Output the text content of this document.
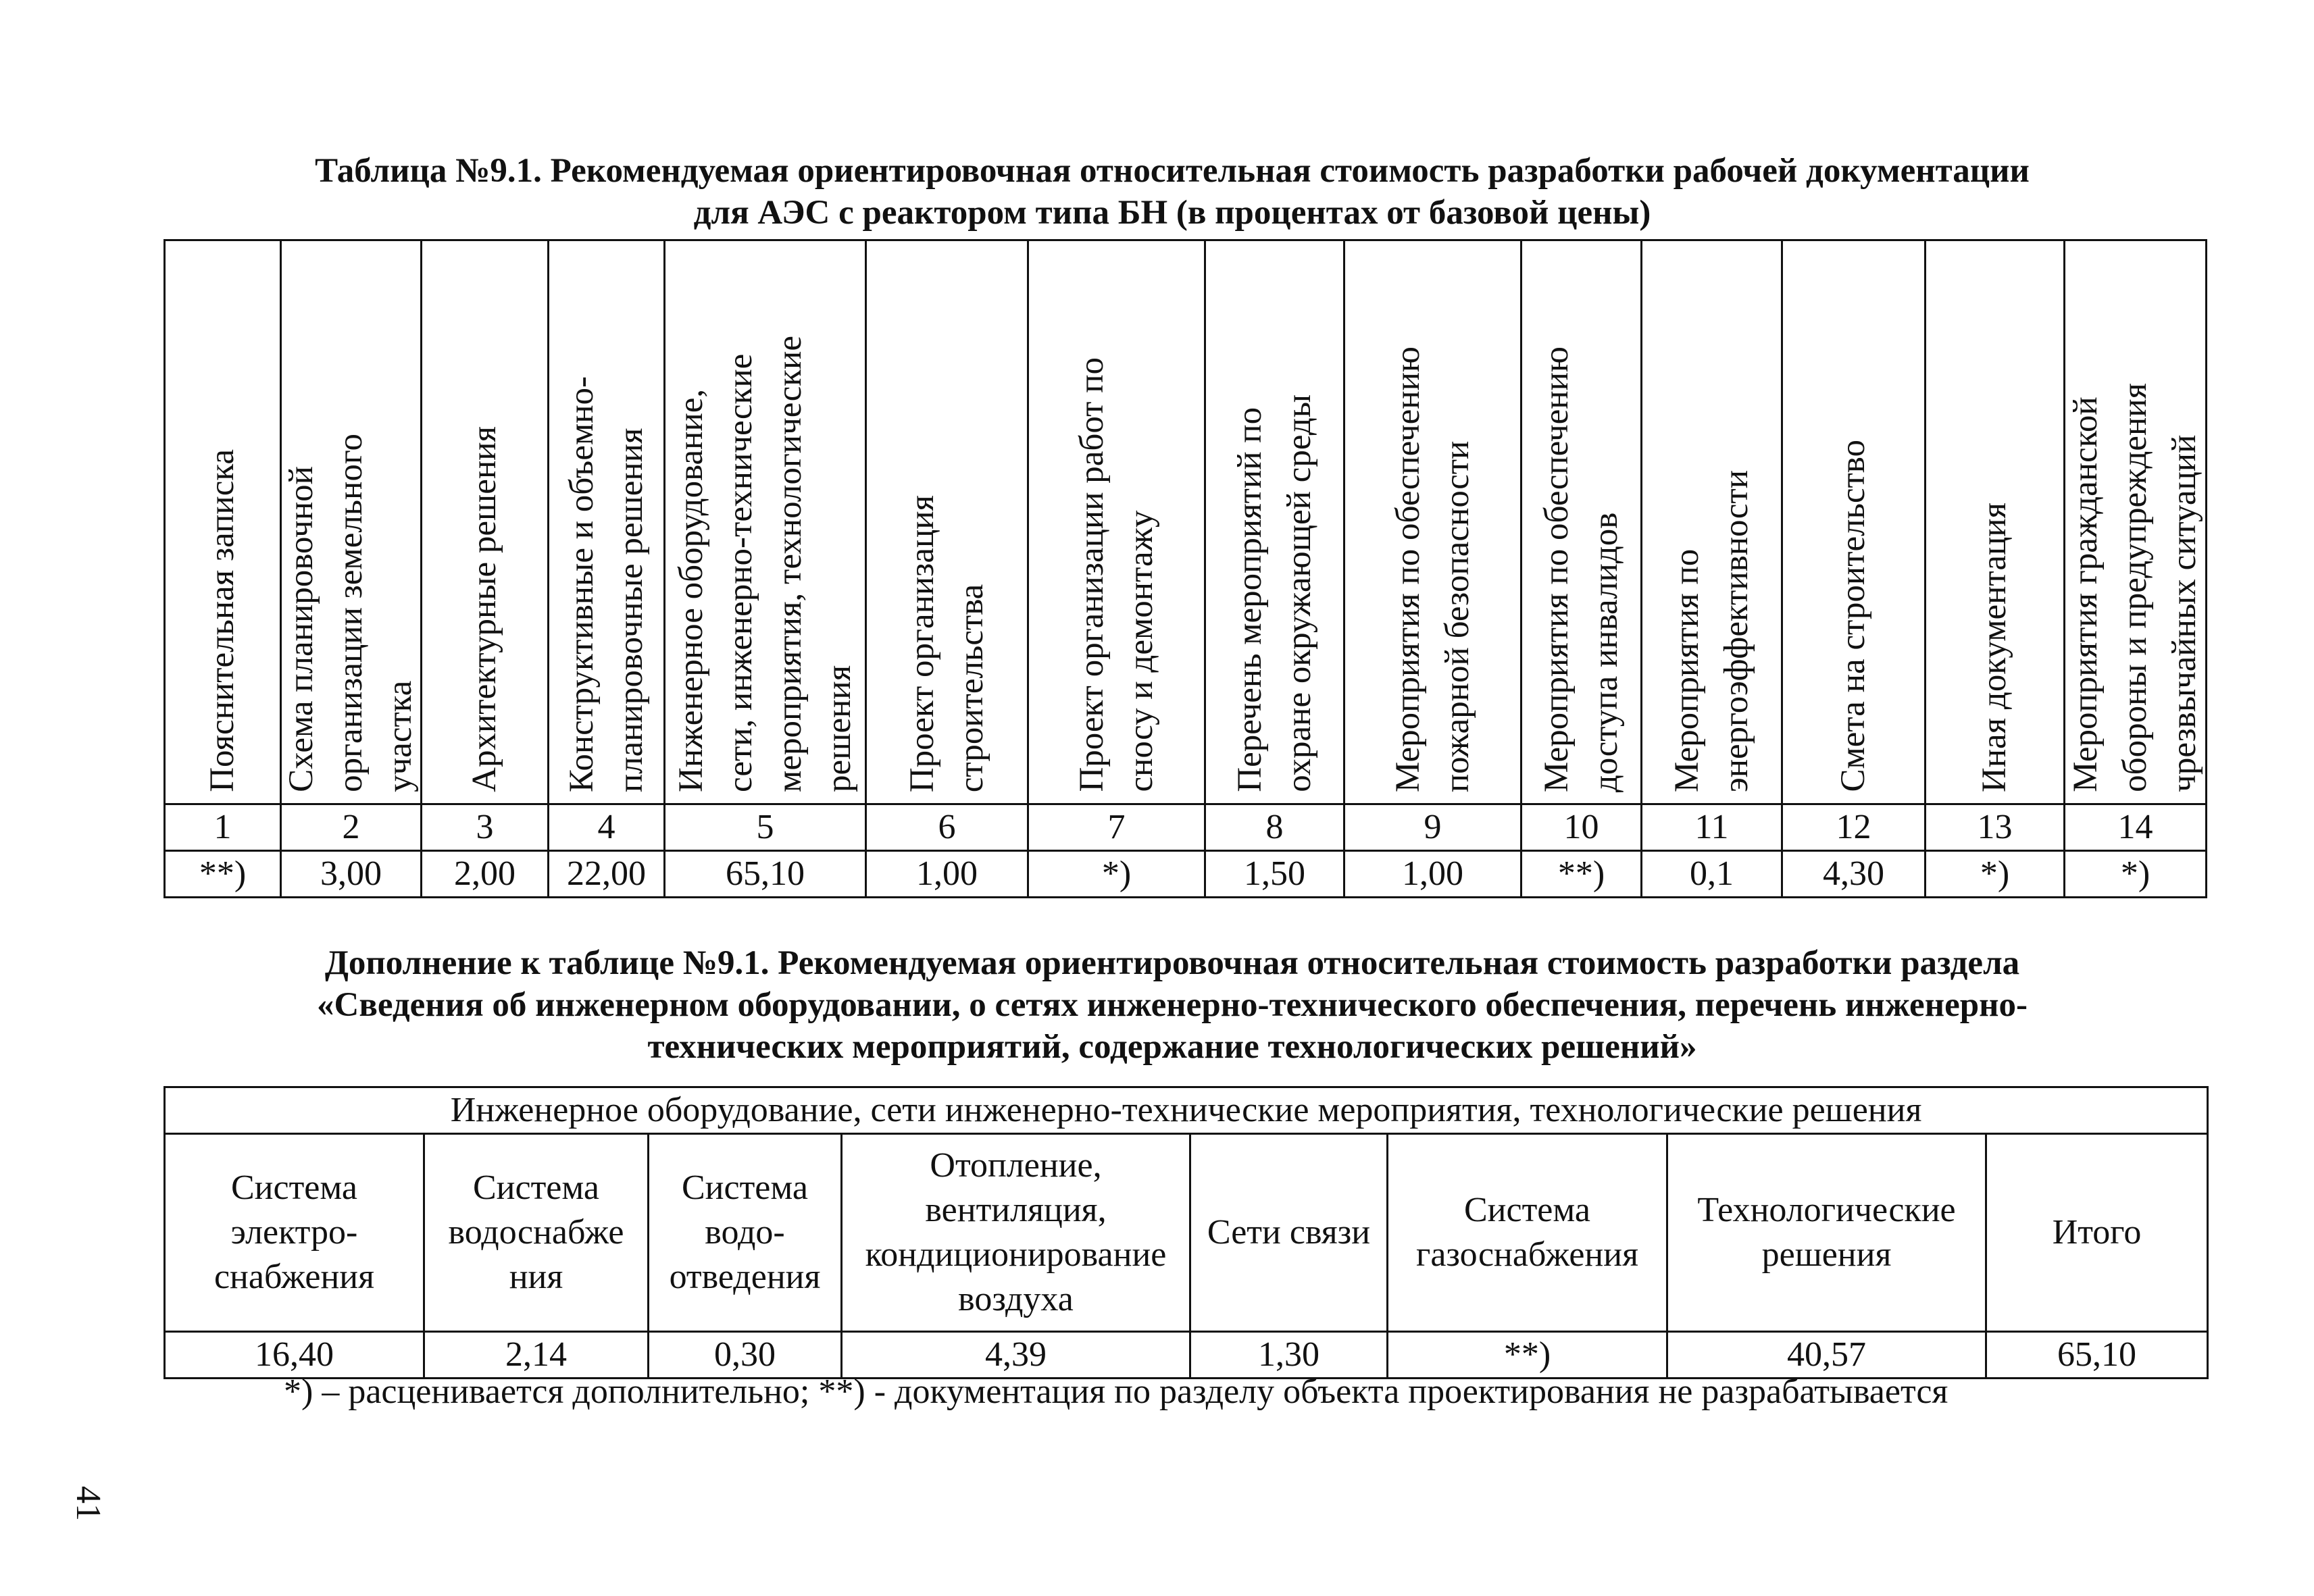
Таблица №9.1. Рекомендуемая ориентировочная относительная стоимость разработки рабочей документации
для АЭС с реактором типа БН (в процентах от базовой цены)
Пояснительная записка	Схема планировочной организации земельного участка	Архитектурные решения	Конструктивные и объемно- планировочные решения	Инженерное оборудование, сети, инженерно-технические мероприятия, технологические решения	Проект организация строительства	Проект организации работ по сносу и демонтажу	Перечень мероприятий по охране окружающей среды	Мероприятия по обеспечению пожарной безопасности	Мероприятия по обеспечению доступа инвалидов	Мероприятия по энергоэффективности	Смета на строительство	Иная документация	Мероприятия гражданской обороны и предупреждения чрезвычайных ситуаций

1	2	3	4	5	6	7	8	9	10	11	12	13	14
**)	3,00	2,00	22,00	65,10	1,00	*)	1,50	1,00	**)	0,1	4,30	*)	*)
Дополнение к таблице №9.1. Рекомендуемая ориентировочная относительная стоимость разработки раздела
«Сведения об инженерном оборудовании, о сетях инженерно-технического обеспечения, перечень инженерно-
технических мероприятий, содержание технологических решений»
Инженерное оборудование, сети инженерно-технические мероприятия, технологические решения							

Система
электро-
снабжения	Система
водоснабже
ния	Система
водо-
отведения	Отопление,
вентиляция,
кондиционирование
воздуха	Сети связи	Система
газоснабжения	Технологические
решения	Итого

16,40	2,14	0,30	4,39	1,30	**)	40,57	65,10
*) – расценивается дополнительно; **) - документация по разделу объекта проектирования не разрабатывается
41
